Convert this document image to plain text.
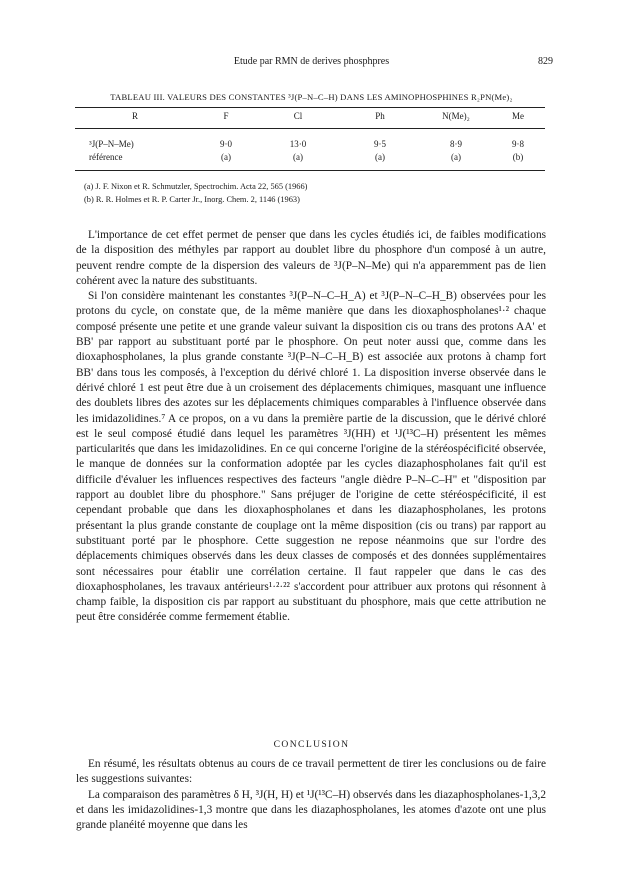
Etude par RMN de derives phosphpres	829
TABLEAU III. VALEURS DES CONSTANTES ³J(P–N–C–H) DANS LES AMINOPHOSPHINES R₂PN(Me)₂
R	F	Cl	Ph	N(Me)₂	Me
³J(P–N–Me)	9·0	13·0	9·5	8·9	9·8
référence	(a)	(a)	(a)	(a)	(b)
(a) J. F. Nixon et R. Schmutzler, Spectrochim. Acta 22, 565 (1966)
(b) R. R. Holmes et R. P. Carter Jr., Inorg. Chem. 2, 1146 (1963)

L'importance de cet effet permet de penser que dans les cycles étudiés ici, de faibles modifications de la disposition des méthyles par rapport au doublet libre du phosphore d'un composé à un autre, peuvent rendre compte de la dispersion des valeurs de ³J(P–N–Me) qui n'a apparemment pas de lien cohérent avec la nature des substituants.

Si l'on considère maintenant les constantes ³J(P–N–C–H_A) et ³J(P–N–C–H_B) observées pour les protons du cycle, on constate que, de la même manière que dans les dioxaphospholanes¹·² chaque composé présente une petite et une grande valeur suivant la disposition cis ou trans des protons AA' et BB' par rapport au substituant porté par le phosphore. On peut noter aussi que, comme dans les dioxaphospholanes, la plus grande constante ³J(P–N–C–H_B) est associée aux protons à champ fort BB' dans tous les composés, à l'exception du dérivé chloré 1. La disposition inverse observée dans le dérivé chloré 1 est peut être due à un croisement des déplacements chimiques, masquant une influence des doublets libres des azotes sur les déplacements chimiques comparables à l'influence observée dans les imidazolidines.⁷ A ce propos, on a vu dans la première partie de la discussion, que le dérivé chloré est le seul composé étudié dans lequel les paramètres ³J(HH) et ¹J(¹³C–H) présentent les mêmes particularités que dans les imidazolidines. En ce qui concerne l'origine de la stéréospécificité observée, le manque de données sur la conformation adoptée par les cycles diazaphospholanes fait qu'il est difficile d'évaluer les influences respectives des facteurs "angle dièdre P–N–C–H" et "disposition par rapport au doublet libre du phosphore." Sans préjuger de l'origine de cette stéréospécificité, il est cependant probable que dans les dioxaphospholanes et dans les diazaphospholanes, les protons présentant la plus grande constante de couplage ont la même disposition (cis ou trans) par rapport au substituant porté par le phosphore. Cette suggestion ne repose néanmoins que sur l'ordre des déplacements chimiques observés dans les deux classes de composés et des données supplémentaires sont nécessaires pour établir une corrélation certaine. Il faut rappeler que dans le cas des dioxaphospholanes, les travaux antérieurs¹·²·²² s'accordent pour attribuer aux protons qui résonnent à champ faible, la disposition cis par rapport au substituant du phosphore, mais que cette attribution ne peut être considérée comme fermement établie.

CONCLUSION

En résumé, les résultats obtenus au cours de ce travail permettent de tirer les conclusions ou de faire les suggestions suivantes:

La comparaison des paramètres δ H, ³J(H, H) et ¹J(¹³C–H) observés dans les diazaphospholanes-1,3,2 et dans les imidazolidines-1,3 montre que dans les diazaphospholanes, les atomes d'azote ont une plus grande planéité moyenne que dans les
